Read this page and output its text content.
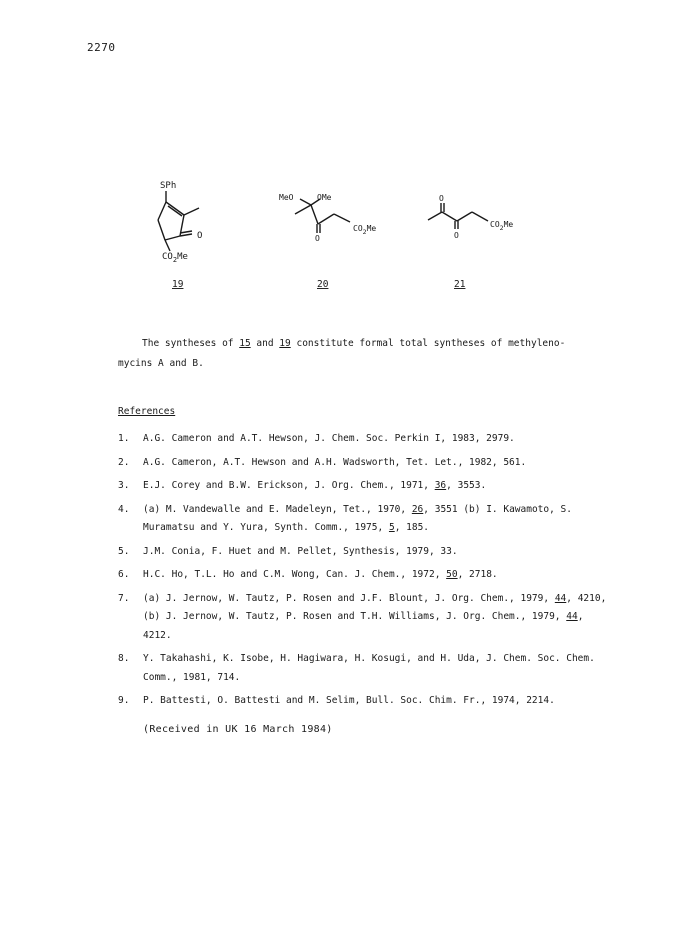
2270
SPh
O
$CO_2Me$
19
MeO	OMe
O
$CO_2Me$
20
O
O
$CO_2Me$
21
The syntheses of 15 and 19 constitute formal total syntheses of methyleno-
mycins A and B.
References
1.	A.G. Cameron and A.T. Hewson, J. Chem. Soc. Perkin I, 1983, 2979.
2.	A.G. Cameron, A.T. Hewson and A.H. Wadsworth, Tet. Let., 1982, 561.
3.	E.J. Corey and B.W. Erickson, J. Org. Chem., 1971, 36, 3553.
4.	(a) M. Vandewalle and E. Madeleyn, Tet., 1970, 26, 3551 (b) I. Kawamoto, S. Muramatsu and Y. Yura, Synth. Comm., 1975, 5, 185.
5.	J.M. Conia, F. Huet and M. Pellet, Synthesis, 1979, 33.
6.	H.C. Ho, T.L. Ho and C.M. Wong, Can. J. Chem., 1972, 50, 2718.
7.	(a) J. Jernow, W. Tautz, P. Rosen and J.F. Blount, J. Org. Chem., 1979, 44, 4210, (b) J. Jernow, W. Tautz, P. Rosen and T.H. Williams, J. Org. Chem., 1979, 44, 4212.
8.	Y. Takahashi, K. Isobe, H. Hagiwara, H. Kosugi, and H. Uda, J. Chem. Soc. Chem. Comm., 1981, 714.
9.	P. Battesti, O. Battesti and M. Selim, Bull. Soc. Chim. Fr., 1974, 2214.
(Received in UK 16 March 1984)
